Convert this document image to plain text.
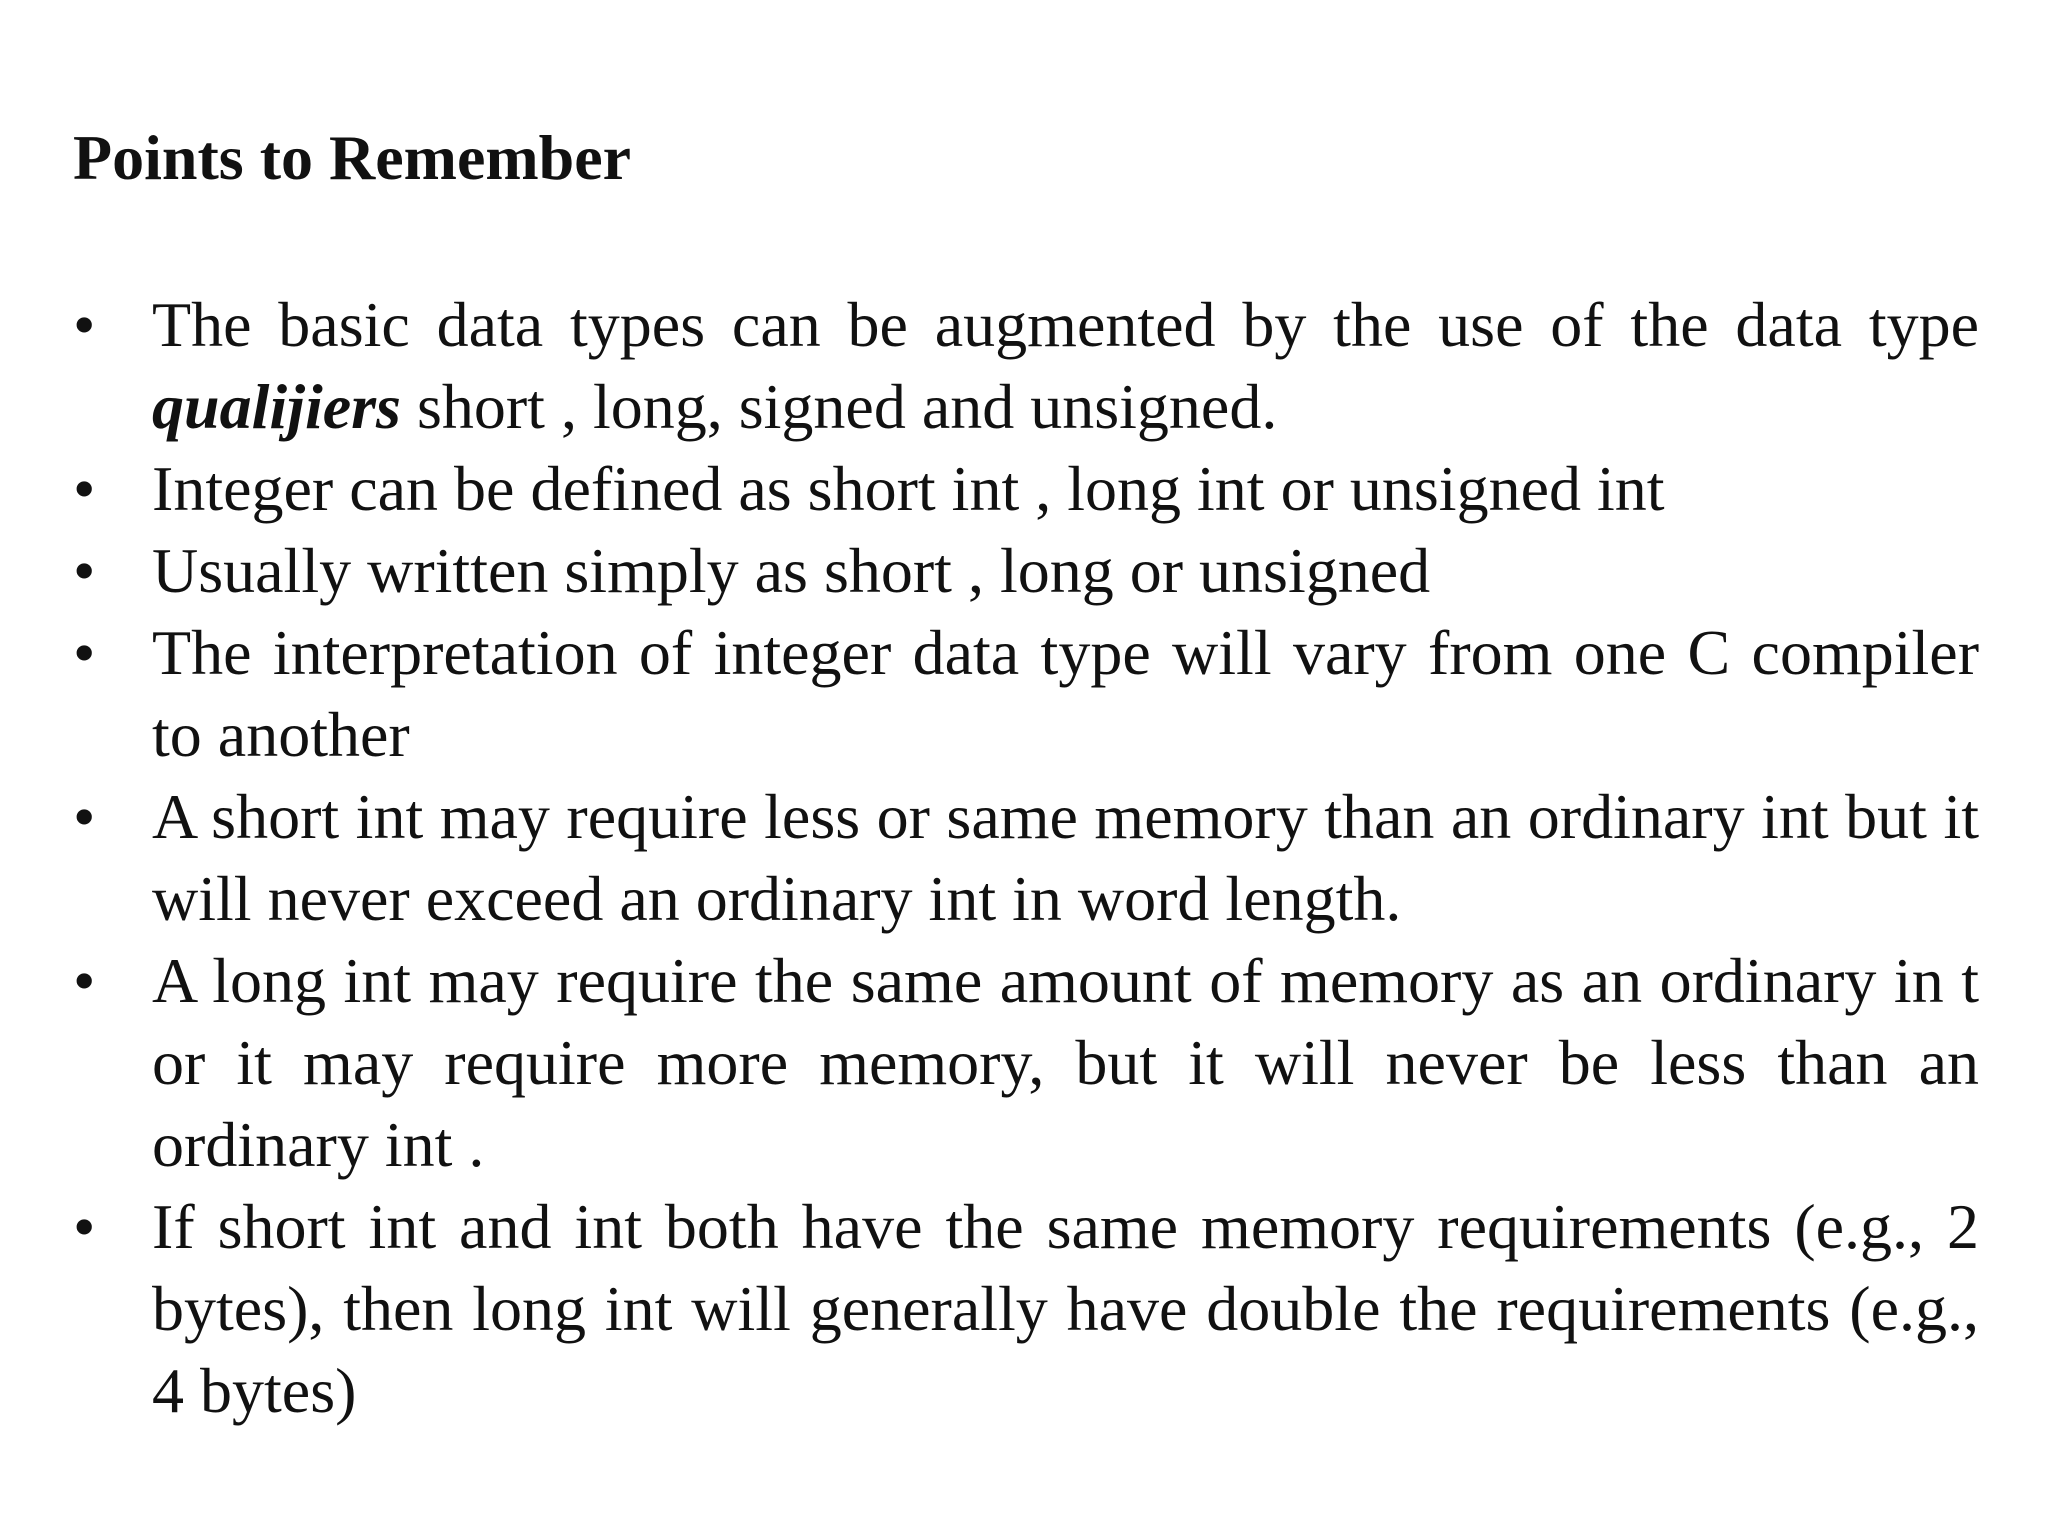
Points to Remember
• The basic data types can be augmented by the use of the data type qualijiers short , long, signed and unsigned.
• Integer can be defined as short int , long int or unsigned int
• Usually written simply as short , long or unsigned
• The interpretation of integer data type will vary from one C compiler to another
• A short int may require less or same memory than an ordinary int but it will never exceed an ordinary int in word length.
• A long int may require the same amount of memory as an ordinary in t or it may require more memory, but it will never be less than an ordinary int .
• If short int and int both have the same memory requirements (e.g., 2 bytes), then long int will generally have double the requirements (e.g., 4 bytes)
